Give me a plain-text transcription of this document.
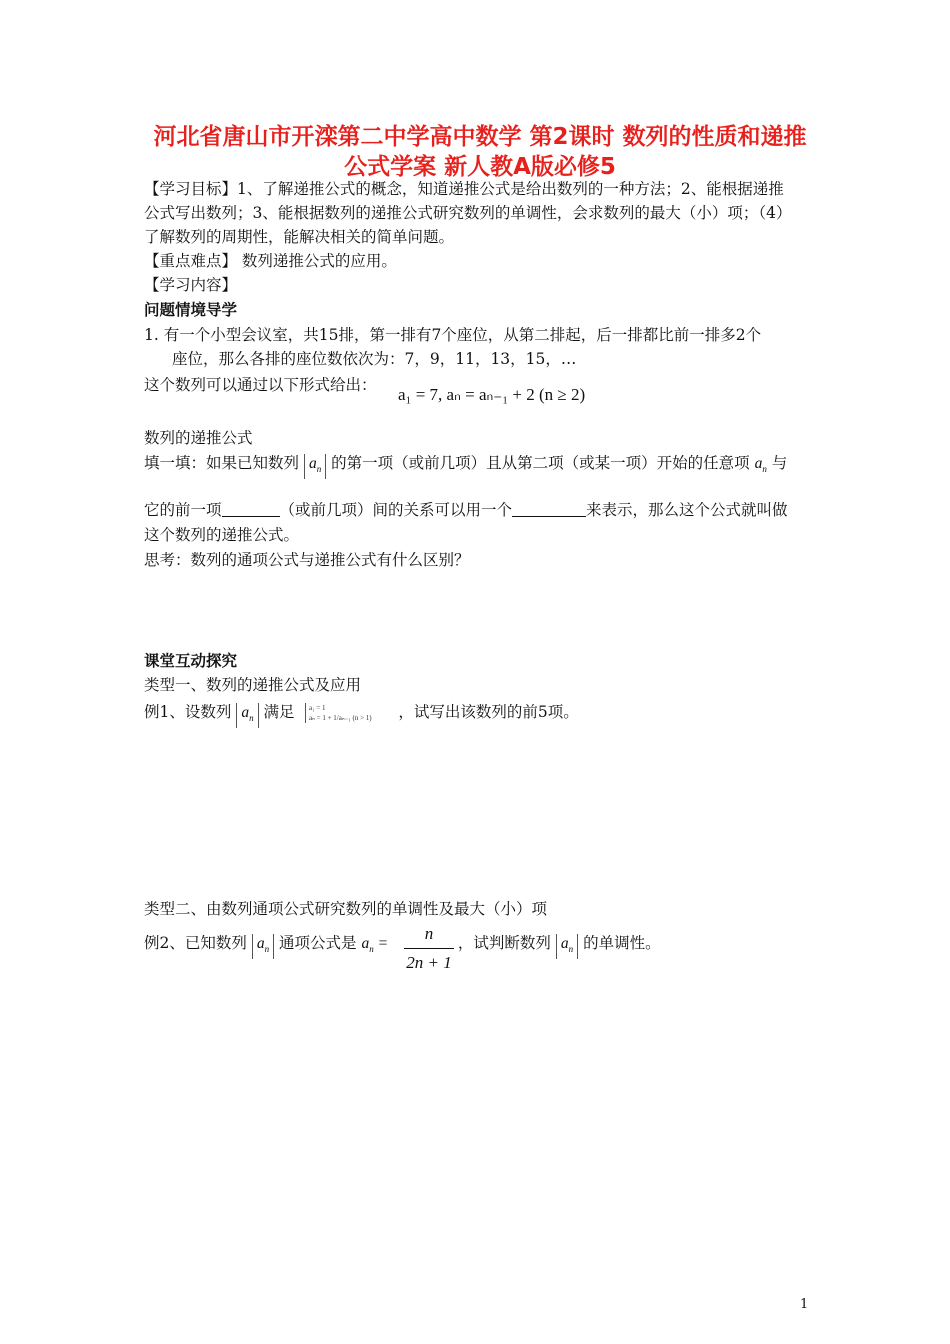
河北省唐山市开滦第二中学高中数学 第2课时 数列的性质和递推
公式学案 新人教A版必修5
【学习目标】1、了解递推公式的概念，知道递推公式是给出数列的一种方法；2、能根据递推
公式写出数列；3、能根据数列的递推公式研究数列的单调性，会求数列的最大（小）项；（4）
了解数列的周期性，能解决相关的简单问题。
【重点难点】 数列递推公式的应用。
【学习内容】
问题情境导学
1. 有一个小型会议室，共15排，第一排有7个座位，从第二排起，后一排都比前一排多2个
座位，那么各排的座位数依次为：7，9，11，13，15，…
这个数列可以通过以下形式给出： a₁ = 7, aₙ = aₙ₋₁ + 2 (n ≥ 2)
数列的递推公式
填一填：如果已知数列 $a_n$ 的第一项（或前几项）且从第二项（或某一项）开始的任意项 $a_n$ 与
它的前一项	（或前几项）间的关系可以用一个	来表示，那么这个公式就叫做
这个数列的递推公式。
思考：数列的通项公式与递推公式有什么区别？
课堂互动探究
类型一、数列的递推公式及应用
例1、设数列 $a_n$ 满足	，试写出该数列的前5项。
a₁ = 1
aₙ = 1 + 1/aₙ₋₁ (n > 1)
类型二、由数列通项公式研究数列的单调性及最大（小）项
例2、已知数列 $a_n$ 通项公式是 $a_n$ =	，试判断数列 $a_n$ 的单调性。
n
2n + 1
1
